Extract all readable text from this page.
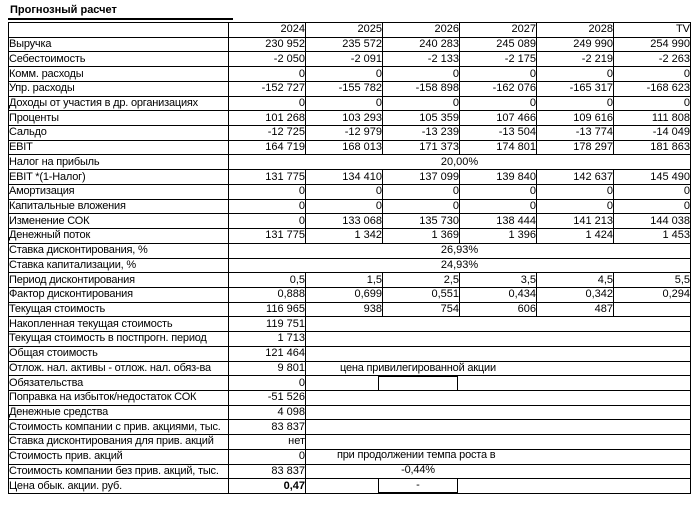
Прогнозный расчет
	2024	2025	2026	2027	2028	TV
Выручка	230 952	235 572	240 283	245 089	249 990	254 990
Себестоимость	-2 050	-2 091	-2 133	-2 175	-2 219	-2 263
Комм. расходы	0	0	0	0	0	0
Упр. расходы	-152 727	-155 782	-158 898	-162 076	-165 317	-168 623
Доходы от участия в др. организациях	0	0	0	0	0	0
Проценты	101 268	103 293	105 359	107 466	109 616	111 808
Сальдо	-12 725	-12 979	-13 239	-13 504	-13 774	-14 049
EBIT	164 719	168 013	171 373	174 801	178 297	181 863
Налог на прибыль	20,00%					
EBIT *(1-Налог)	131 775	134 410	137 099	139 840	142 637	145 490
Амортизация	0	0	0	0	0	0
Капитальные вложения	0	0	0	0	0	0
Изменение СОК	0	133 068	135 730	138 444	141 213	144 038
Денежный поток	131 775	1 342	1 369	1 396	1 424	1 453
Ставка дисконтирования, %	26,93%					
Ставка капитализации, %	24,93%					
Период дисконтирования	0,5	1,5	2,5	3,5	4,5	5,5
Фактор дисконтирования	0,888	0,699	0,551	0,434	0,342	0,294
Текущая стоимость	116 965	938	754	606	487	
Накопленная текущая стоимость	119 751					
Текущая стоимость в постпрогн. период	1 713					
Общая стоимость	121 464					
Отлож. нал. активы - отлож. нал. обяз-ва	9 801					
Обязательства	0					
Поправка на избыток/недостаток СОК	-51 526					
Денежные средства	4 098					
Стоимость компании с прив. акциями, тыс.	83 837					
Ставка дисконтирования для прив. акций	нет					
Стоимость прив. акций	0					
Стоимость компании без прив. акций, тыс.	83 837					
Цена обык. акции. руб.	0,47					
цена привилегированной акции
при продолжении темпа роста в
-0,44%
-
